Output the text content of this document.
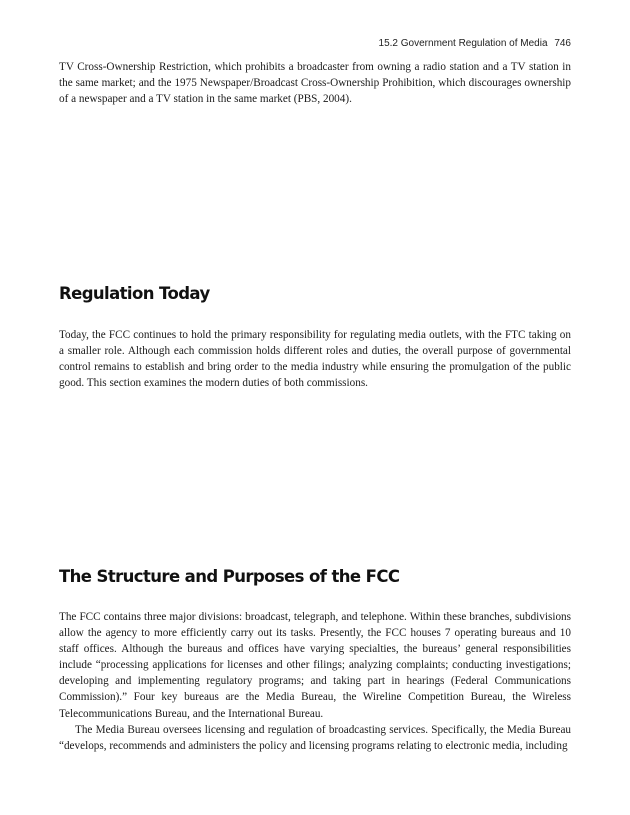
15.2 Government Regulation of Media 746

TV Cross-Ownership Restriction, which prohibits a broadcaster from owning a radio station and a TV station in the same market; and the 1975 Newspaper/Broadcast Cross-Ownership Prohibition, which discourages ownership of a newspaper and a TV station in the same market (PBS, 2004).

Regulation Today

Today, the FCC continues to hold the primary responsibility for regulating media outlets, with the FTC taking on a smaller role. Although each commission holds different roles and duties, the overall purpose of governmental control remains to establish and bring order to the media industry while ensuring the promulgation of the public good. This section examines the modern duties of both commissions.

The Structure and Purposes of the FCC

The FCC contains three major divisions: broadcast, telegraph, and telephone. Within these branches, subdivisions allow the agency to more efficiently carry out its tasks. Presently, the FCC houses 7 operating bureaus and 10 staff offices. Although the bureaus and offices have varying specialties, the bureaus’ general responsibilities include “processing applications for licenses and other filings; analyzing complaints; conducting investigations; developing and implementing regulatory programs; and taking part in hearings (Federal Communications Commission).” Four key bureaus are the Media Bureau, the Wireline Competition Bureau, the Wireless Telecommunications Bureau, and the International Bureau.

The Media Bureau oversees licensing and regulation of broadcasting services. Specifically, the Media Bureau “develops, recommends and administers the policy and licensing programs relating to electronic media, including
